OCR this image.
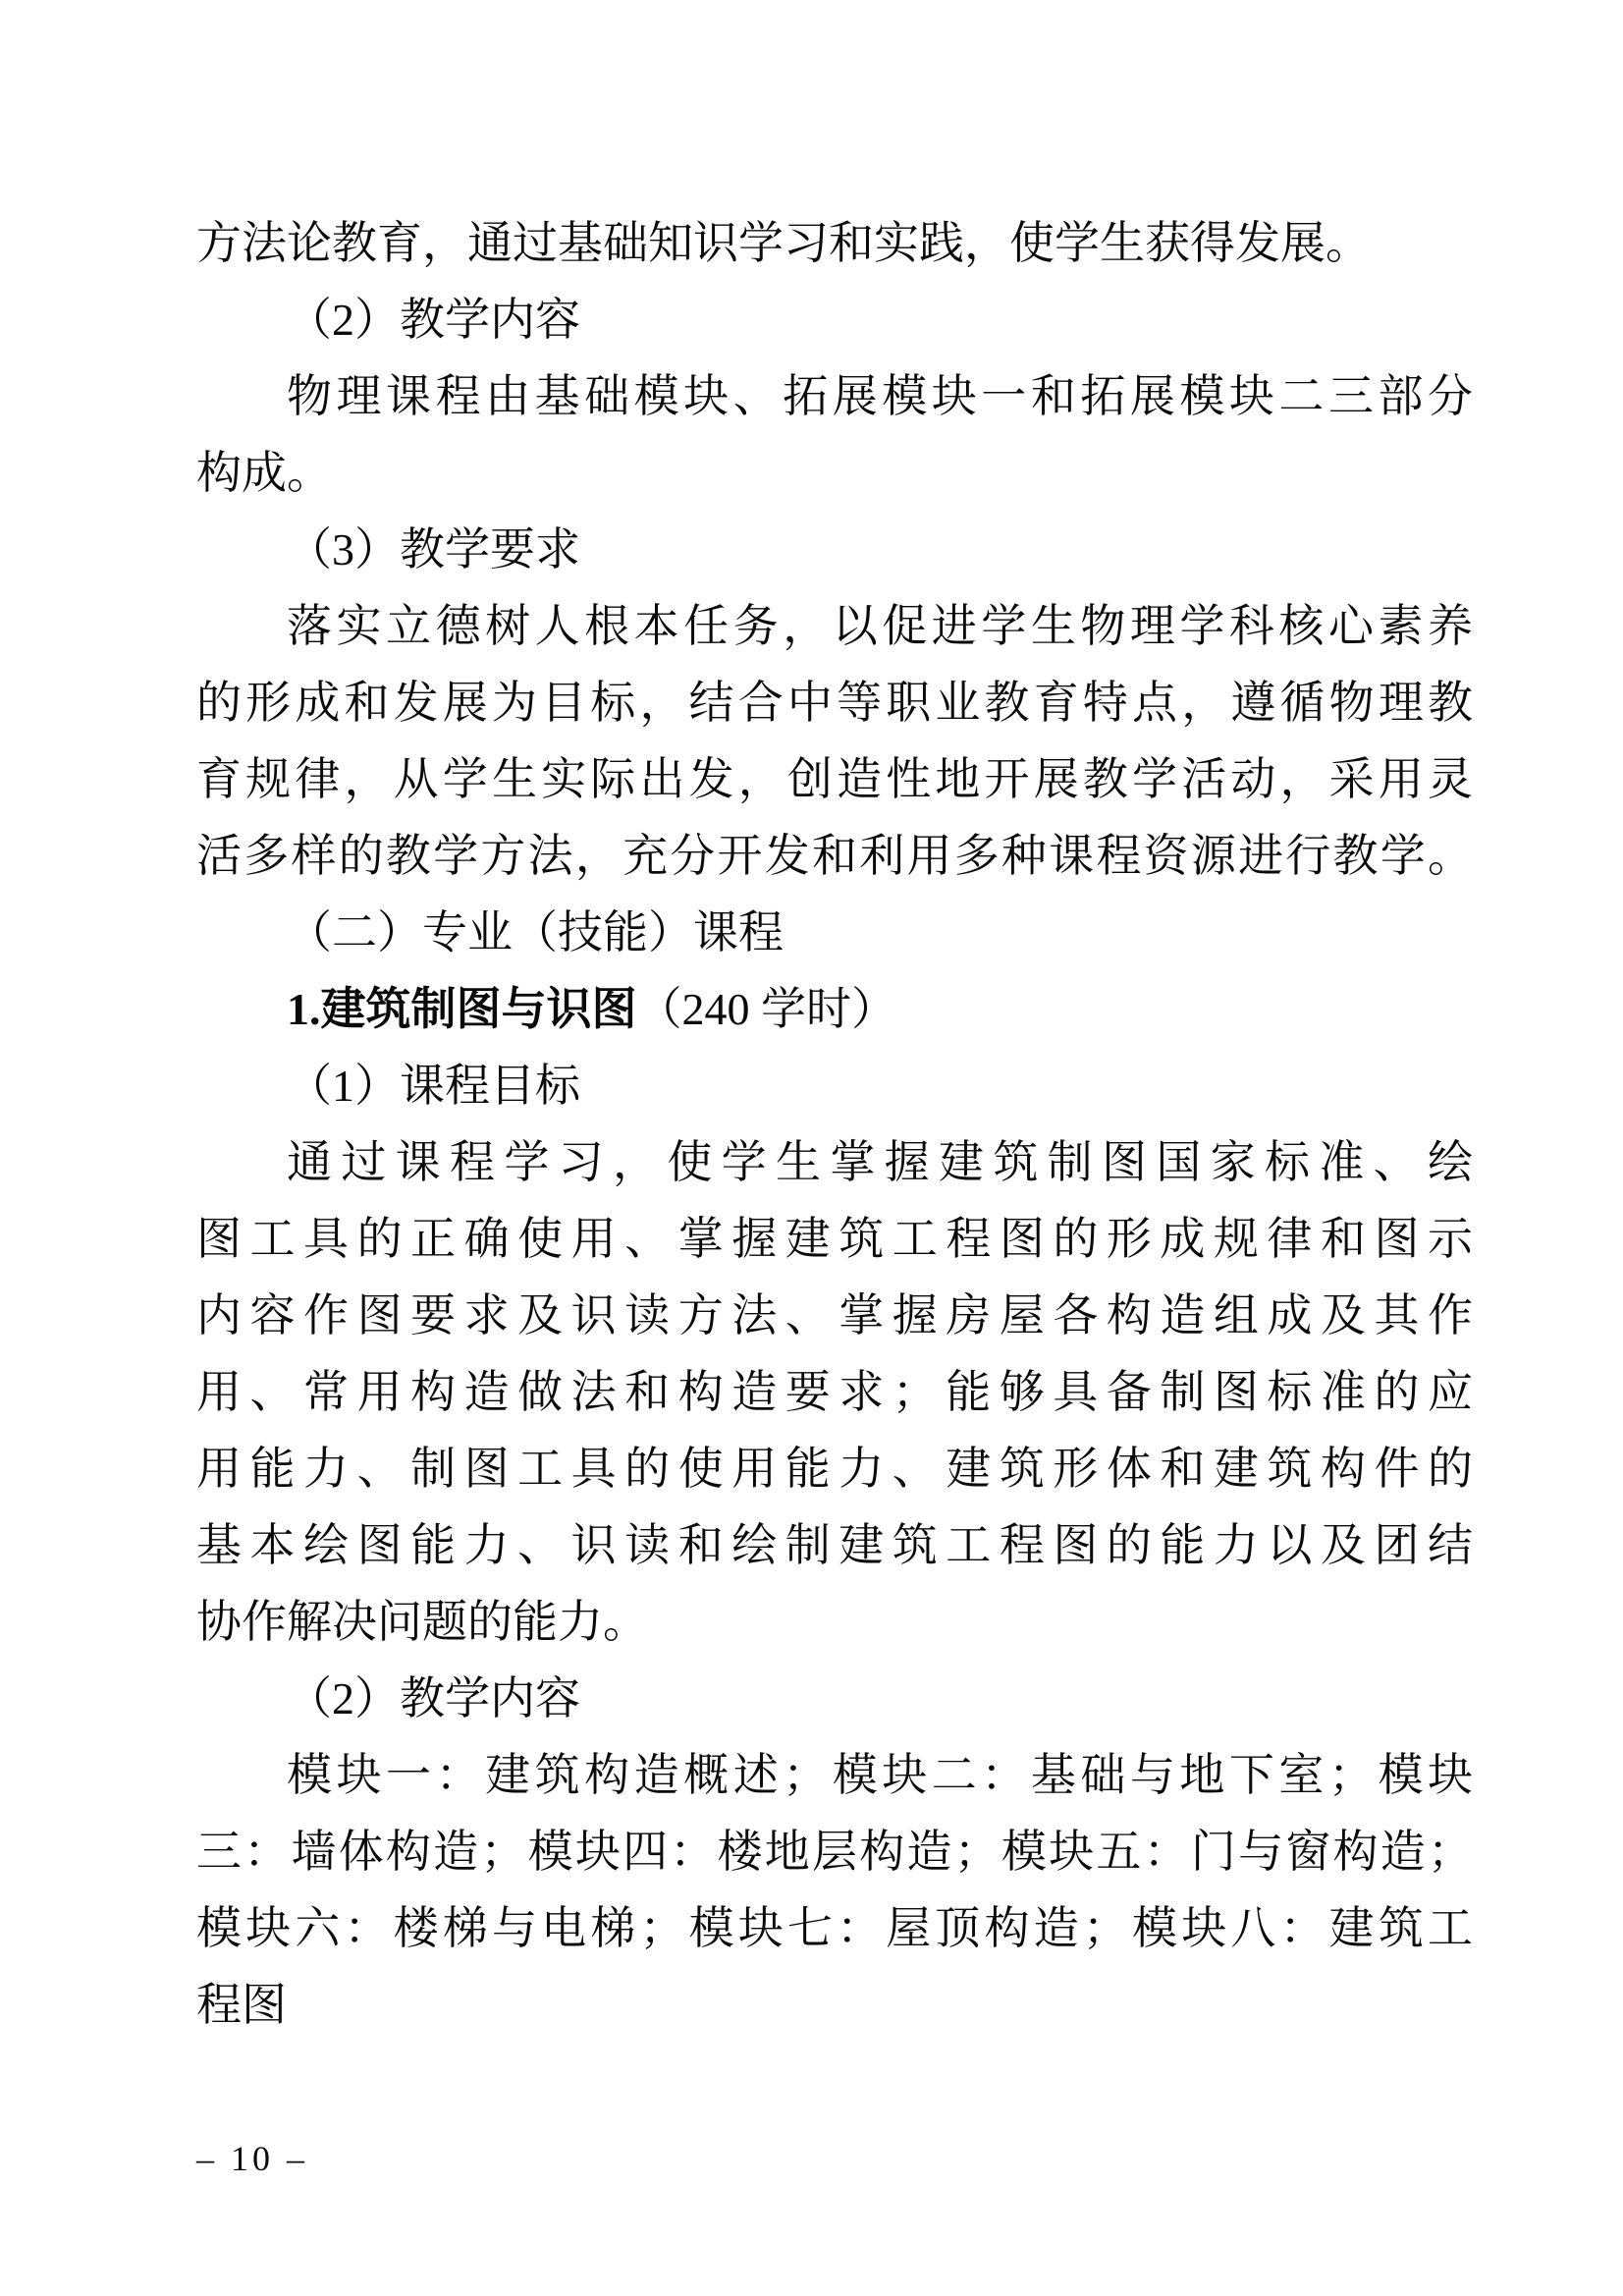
方法论教育，通过基础知识学习和实践，使学生获得发展。
（2）教学内容
物理课程由基础模块、拓展模块一和拓展模块二三部分
构成。
（3）教学要求
落实立德树人根本任务，以促进学生物理学科核心素养
的形成和发展为目标，结合中等职业教育特点，遵循物理教
育规律，从学生实际出发，创造性地开展教学活动，采用灵
活多样的教学方法，充分开发和利用多种课程资源进行教学。
（二）专业（技能）课程
1.建筑制图与识图（240 学时）
（1）课程目标
通过课程学习，使学生掌握建筑制图国家标准、绘
图工具的正确使用、掌握建筑工程图的形成规律和图示
内容作图要求及识读方法、掌握房屋各构造组成及其作
用、常用构造做法和构造要求；能够具备制图标准的应
用能力、制图工具的使用能力、建筑形体和建筑构件的
基本绘图能力、识读和绘制建筑工程图的能力以及团结
协作解决问题的能力。
（2）教学内容
模块一：建筑构造概述；模块二：基础与地下室；模块
三：墙体构造；模块四：楼地层构造；模块五：门与窗构造；
模块六：楼梯与电梯；模块七：屋顶构造；模块八：建筑工
程图
– 10 –
